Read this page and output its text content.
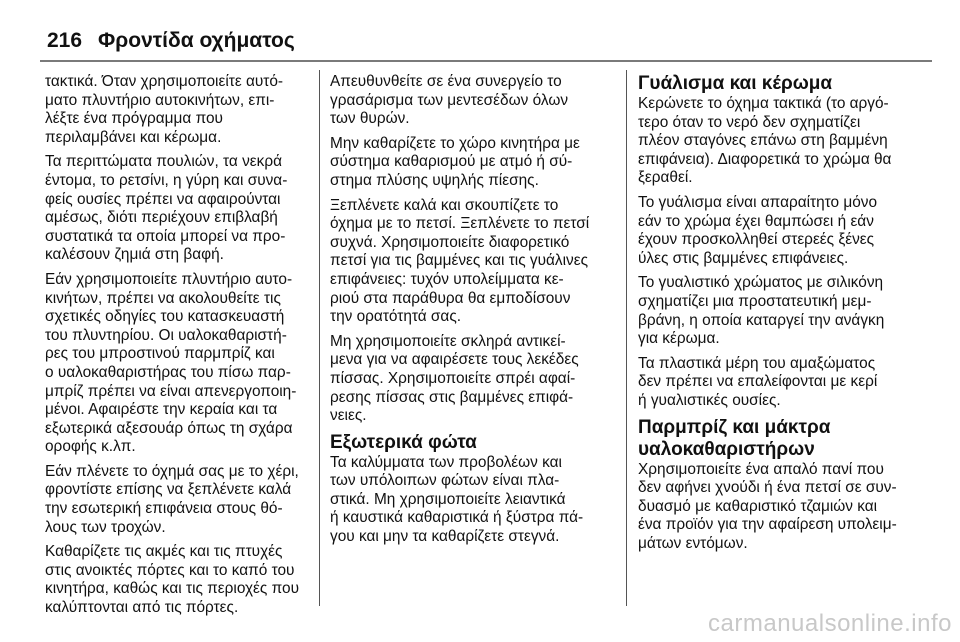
216 Φροντίδα οχήματος

τακτικά. Όταν χρησιμοποιείτε αυτό-
ματο πλυντήριο αυτοκινήτων, επι-
λέξτε ένα πρόγραμμα που
περιλαμβάνει και κέρωμα.

Τα περιττώματα πουλιών, τα νεκρά
έντομα, το ρετσίνι, η γύρη και συνα-
φείς ουσίες πρέπει να αφαιρούνται
αμέσως, διότι περιέχουν επιβλαβή
συστατικά τα οποία μπορεί να προ-
καλέσουν ζημιά στη βαφή.

Εάν χρησιμοποιείτε πλυντήριο αυτο-
κινήτων, πρέπει να ακολουθείτε τις
σχετικές οδηγίες του κατασκευαστή
του πλυντηρίου. Οι υαλοκαθαριστή-
ρες του μπροστινού παρμπρίζ και
ο υαλοκαθαριστήρας του πίσω παρ-
μπρίζ πρέπει να είναι απενεργοποιη-
μένοι. Αφαιρέστε την κεραία και τα
εξωτερικά αξεσουάρ όπως τη σχάρα
οροφής κ.λπ.

Εάν πλένετε το όχημά σας με το χέρι,
φροντίστε επίσης να ξεπλένετε καλά
την εσωτερική επιφάνεια στους θό-
λους των τροχών.

Καθαρίζετε τις ακμές και τις πτυχές
στις ανοικτές πόρτες και το καπό του
κινητήρα, καθώς και τις περιοχές που
καλύπτονται από τις πόρτες.

Απευθυνθείτε σε ένα συνεργείο το
γρασάρισμα των μεντεσέδων όλων
των θυρών.

Μην καθαρίζετε το χώρο κινητήρα με
σύστημα καθαρισμού με ατμό ή σύ-
στημα πλύσης υψηλής πίεσης.

Ξεπλένετε καλά και σκουπίζετε το
όχημα με το πετσί. Ξεπλένετε το πετσί
συχνά. Χρησιμοποιείτε διαφορετικό
πετσί για τις βαμμένες και τις γυάλινες
επιφάνειες: τυχόν υπολείμματα κε-
ριού στα παράθυρα θα εμποδίσουν
την ορατότητά σας.

Μη χρησιμοποιείτε σκληρά αντικεί-
μενα για να αφαιρέσετε τους λεκέδες
πίσσας. Χρησιμοποιείτε σπρέι αφαί-
ρεσης πίσσας στις βαμμένες επιφά-
νειες.

Εξωτερικά φώτα

Τα καλύμματα των προβολέων και
των υπόλοιπων φώτων είναι πλα-
στικά. Μη χρησιμοποιείτε λειαντικά
ή καυστικά καθαριστικά ή ξύστρα πά-
γου και μην τα καθαρίζετε στεγνά.

Γυάλισμα και κέρωμα

Κερώνετε το όχημα τακτικά (το αργό-
τερο όταν το νερό δεν σχηματίζει
πλέον σταγόνες επάνω στη βαμμένη
επιφάνεια). Διαφορετικά το χρώμα θα
ξεραθεί.

Το γυάλισμα είναι απαραίτητο μόνο
εάν το χρώμα έχει θαμπώσει ή εάν
έχουν προσκολληθεί στερεές ξένες
ύλες στις βαμμένες επιφάνειες.

Το γυαλιστικό χρώματος με σιλικόνη
σχηματίζει μια προστατευτική μεμ-
βράνη, η οποία καταργεί την ανάγκη
για κέρωμα.

Τα πλαστικά μέρη του αμαξώματος
δεν πρέπει να επαλείφονται με κερί
ή γυαλιστικές ουσίες.

Παρμπρίζ και μάκτρα
υαλοκαθαριστήρων

Χρησιμοποιείτε ένα απαλό πανί που
δεν αφήνει χνούδι ή ένα πετσί σε συν-
δυασμό με καθαριστικό τζαμιών και
ένα προϊόν για την αφαίρεση υπολειμ-
μάτων εντόμων.

carmanualsonline.info
